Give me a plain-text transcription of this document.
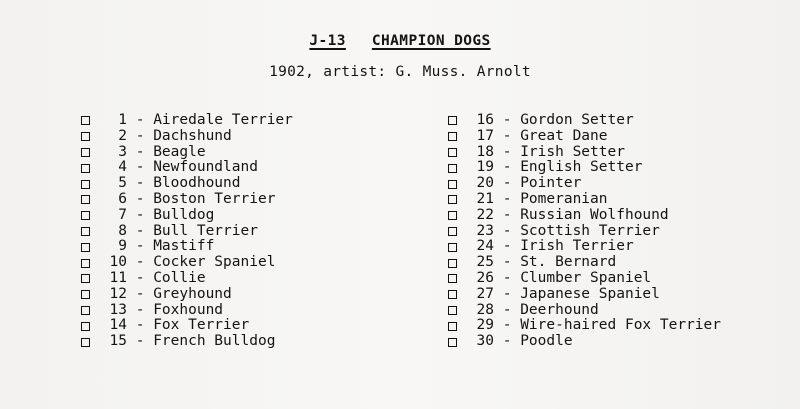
J-13 CHAMPION DOGS
1902, artist: G. Muss. Arnolt
1 - Airedale Terrier
2 - Dachshund
3 - Beagle
4 - Newfoundland
5 - Bloodhound
6 - Boston Terrier
7 - Bulldog
8 - Bull Terrier
9 - Mastiff
10 - Cocker Spaniel
11 - Collie
12 - Greyhound
13 - Foxhound
14 - Fox Terrier
15 - French Bulldog
16 - Gordon Setter
17 - Great Dane
18 - Irish Setter
19 - English Setter
20 - Pointer
21 - Pomeranian
22 - Russian Wolfhound
23 - Scottish Terrier
24 - Irish Terrier
25 - St. Bernard
26 - Clumber Spaniel
27 - Japanese Spaniel
28 - Deerhound
29 - Wire-haired Fox Terrier
30 - Poodle
